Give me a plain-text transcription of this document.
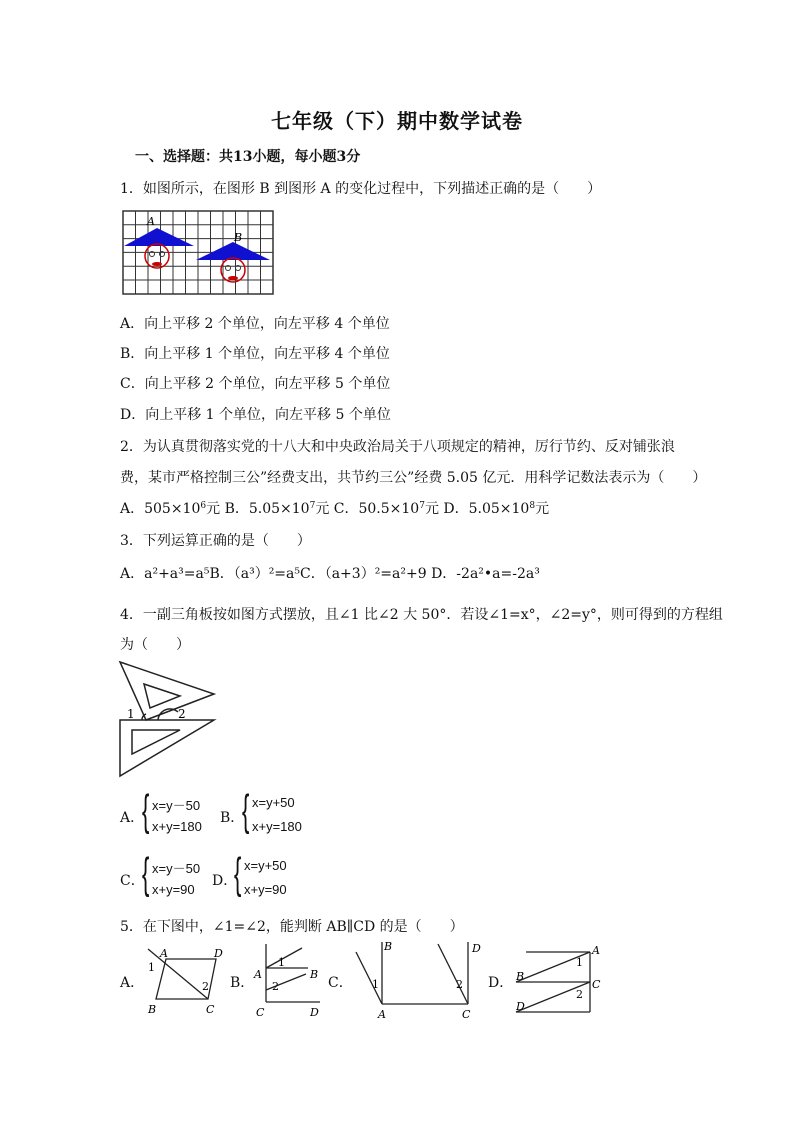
七年级（下）期中数学试卷
一、选择题：共13小题，每小题3分
1．如图所示，在图形 B 到图形 A 的变化过程中，下列描述正确的是（　　）
A
B
A．向上平移 2 个单位，向左平移 4 个单位
B．向上平移 1 个单位，向左平移 4 个单位
C．向上平移 2 个单位，向左平移 5 个单位
D．向上平移 1 个单位，向左平移 5 个单位
2．为认真贯彻落实党的十八大和中央政治局关于八项规定的精神，厉行节约、反对铺张浪
费，某市严格控制三公”经费支出，共节约三公”经费 5.05 亿元．用科学记数法表示为（　　）
A．$505\times 10^6$元 B．$5.05\times 10^7$元 C．$50.5\times 10^7$元 D．$5.05\times 10^8$元
3．下列运算正确的是（　　）
A．a²+a³=a⁵B．（a³）²=a⁵C．（a+3）²=a²+9 D．-2a²•a=-2a³
4．一副三角板按如图方式摆放，且∠1 比∠2 大 50°．若设∠1=x°，∠2=y°，则可得到的方程组
为（　　）
1	2
A．
{ x=y－50
x+y=180
B．
{ x=y+50
x+y=180
C．
{ x=y－50
x+y=90
D．
{ x=y+50
x+y=90
5．在下图中，∠1=∠2，能判断 AB∥CD 的是（　　）
A．
A	D
B	C
1
2 B．
A	B
C	D
1
2	C．
B	D
A	C
1	2 D．
A
B
C
D
1
2
